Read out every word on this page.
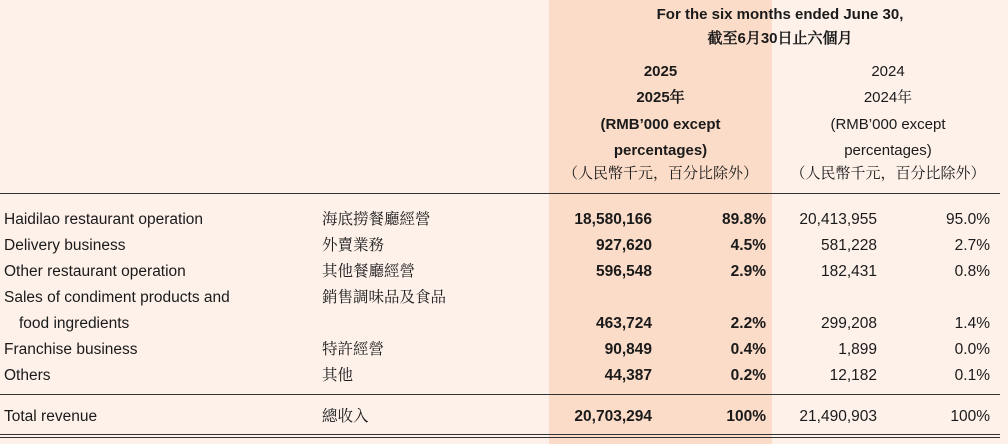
For the six months ended June 30,
截至6月30日止六個月
2025
2025年
(RMB’000 except
percentages)
（人民幣千元，百分比除外）
2024
2024年
(RMB’000 except
percentages)
（人民幣千元，百分比除外）
Haidilao restaurant operation	海底撈餐廳經營	18,580,166	89.8%	20,413,955	95.0%
Delivery business	外賣業務	927,620	4.5%	581,228	2.7%
Other restaurant operation	其他餐廳經營	596,548	2.9%	182,431	0.8%
Sales of condiment products and	銷售調味品及食品
food ingredients	463,724	2.2%	299,208	1.4%
Franchise business	特許經營	90,849	0.4%	1,899	0.0%
Others	其他	44,387	0.2%	12,182	0.1%
Total revenue	總收入	20,703,294	100%	21,490,903	100%
